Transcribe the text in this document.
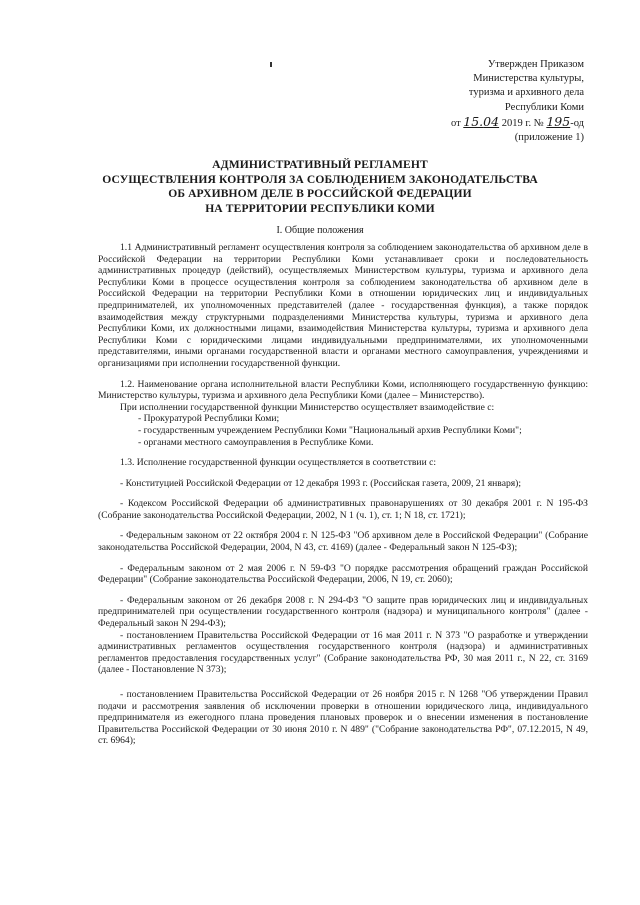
Утвержден Приказом
Министерства культуры,
туризма и архивного дела
Республики Коми
от 15.04 2019 г. № 195-од
(приложение 1)
АДМИНИСТРАТИВНЫЙ РЕГЛАМЕНТ
ОСУЩЕСТВЛЕНИЯ КОНТРОЛЯ ЗА СОБЛЮДЕНИЕМ ЗАКОНОДАТЕЛЬСТВА
ОБ АРХИВНОМ ДЕЛЕ В РОССИЙСКОЙ ФЕДЕРАЦИИ
НА ТЕРРИТОРИИ РЕСПУБЛИКИ КОМИ
I. Общие положения

1.1 Административный регламент осуществления контроля за соблюдением законодательства об архивном деле в Российской Федерации на территории Республики Коми устанавливает сроки и последовательность административных процедур (действий), осуществляемых Министерством культуры, туризма и архивного дела Республики Коми в процессе осуществления контроля за соблюдением законодательства об архивном деле в Российской Федерации на территории Республики Коми в отношении юридических лиц и индивидуальных предпринимателей, их уполномоченных представителей (далее - государственная функция), а также порядок взаимодействия между структурными подразделениями Министерства культуры, туризма и архивного дела Республики Коми, их должностными лицами, взаимодействия Министерства культуры, туризма и архивного дела Республики Коми с юридическими лицами индивидуальными предпринимателями, их уполномоченными представителями, иными органами государственной власти и органами местного самоуправления, учреждениями и организациями при исполнении государственной функции.

1.2. Наименование органа исполнительной власти Республики Коми, исполняющего государственную функцию: Министерство культуры, туризма и архивного дела Республики Коми (далее – Министерство).

При исполнении государственной функции Министерство осуществляет взаимодействие с:

- Прокуратурой Республики Коми;

- государственным учреждением Республики Коми "Национальный архив Республики Коми";

- органами местного самоуправления в Республике Коми.

1.3. Исполнение государственной функции осуществляется в соответствии с:

- Конституцией Российской Федерации от 12 декабря 1993 г. (Российская газета, 2009, 21 января);

- Кодексом Российской Федерации об административных правонарушениях от 30 декабря 2001 г. N 195-ФЗ (Собрание законодательства Российской Федерации, 2002, N 1 (ч. 1), ст. 1; N 18, ст. 1721);

- Федеральным законом от 22 октября 2004 г. N 125-ФЗ "Об архивном деле в Российской Федерации" (Собрание законодательства Российской Федерации, 2004, N 43, ст. 4169) (далее - Федеральный закон N 125-ФЗ);

- Федеральным законом от 2 мая 2006 г. N 59-ФЗ "О порядке рассмотрения обращений граждан Российской Федерации" (Собрание законодательства Российской Федерации, 2006, N 19, ст. 2060);

- Федеральным законом от 26 декабря 2008 г. N 294-ФЗ "О защите прав юридических лиц и индивидуальных предпринимателей при осуществлении государственного контроля (надзора) и муниципального контроля" (далее - Федеральный закон N 294-ФЗ);

- постановлением Правительства Российской Федерации от 16 мая 2011 г. N 373 "О разработке и утверждении административных регламентов осуществления государственного контроля (надзора) и административных регламентов предоставления государственных услуг" (Собрание законодательства РФ, 30 мая 2011 г., N 22, ст. 3169 (далее - Постановление N 373);

- постановлением Правительства Российской Федерации от 26 ноября 2015 г. N 1268 "Об утверждении Правил подачи и рассмотрения заявления об исключении проверки в отношении юридического лица, индивидуального предпринимателя из ежегодного плана проведения плановых проверок и о внесении изменения в постановление Правительства Российской Федерации от 30 июня 2010 г. N 489" ("Собрание законодательства РФ", 07.12.2015, N 49, ст. 6964);
